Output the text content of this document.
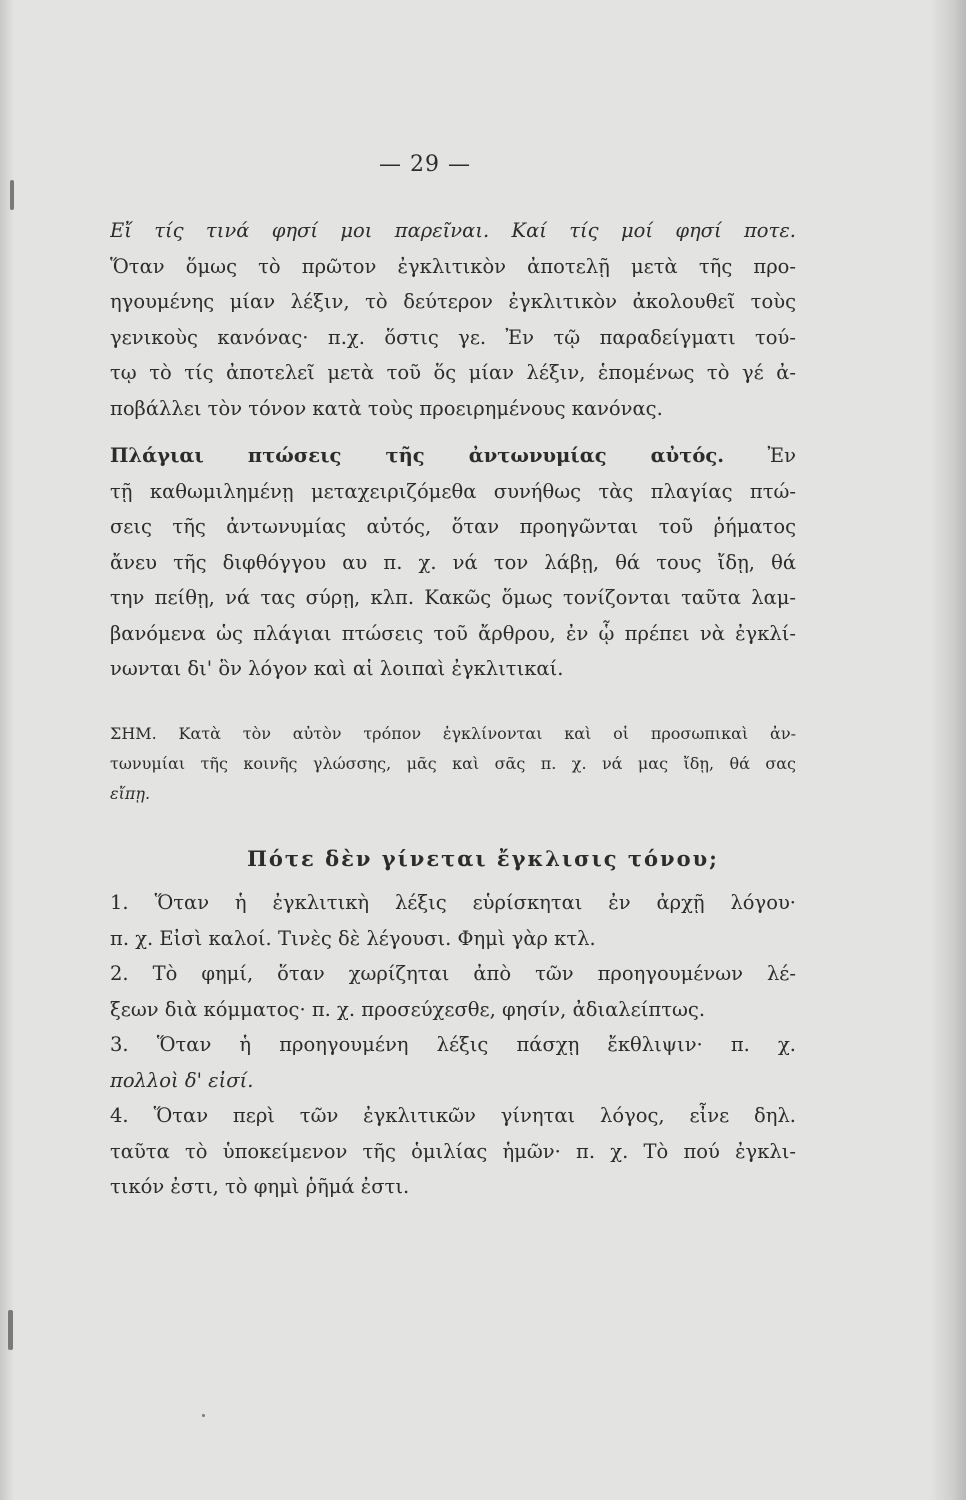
— 29 —
Εἴ τίς τινά φησί μοι παρεῖναι. Καί τίς μοί φησί ποτε.
Ὅταν ὅμως τὸ πρῶτον ἐγκλιτικὸν ἀποτελῇ μετὰ τῆς προ-
ηγουμένης μίαν λέξιν, τὸ δεύτερον ἐγκλιτικὸν ἀκολουθεῖ τοὺς
γενικοὺς κανόνας· π.χ. ὅστις γε. Ἐν τῷ παραδείγματι τού-
τῳ τὸ τίς ἀποτελεῖ μετὰ τοῦ ὅς μίαν λέξιν, ἑπομένως τὸ γέ ἀ-
ποβάλλει τὸν τόνον κατὰ τοὺς προειρημένους κανόνας.
Πλάγιαι πτώσεις τῆς ἀντωνυμίας αὐτός. Ἐν
τῇ καθωμιλημένῃ μεταχειριζόμεθα συνήθως τὰς πλαγίας πτώ-
σεις τῆς ἀντωνυμίας αὐτός, ὅταν προηγῶνται τοῦ ῥήματος
ἄνευ τῆς διφθόγγου αυ π. χ. νά τον λάβῃ, θά τους ἴδῃ, θά
την πείθῃ, νά τας σύρῃ, κλπ. Κακῶς ὅμως τονίζονται ταῦτα λαμ-
βανόμενα ὡς πλάγιαι πτώσεις τοῦ ἄρθρου, ἐν ᾧ πρέπει νὰ ἐγκλί-
νωνται δι' ὃν λόγον καὶ αἱ λοιπαὶ ἐγκλιτικαί.
ΣΗΜ. Κατὰ τὸν αὐτὸν τρόπον ἐγκλίνονται καὶ οἱ προσωπικαὶ ἀν-
τωνυμίαι τῆς κοινῆς γλώσσης, μᾶς καὶ σᾶς π. χ. νά μας ἴδῃ, θά σας
εἴπῃ.
Πότε δὲν γίνεται ἔγκλισις τόνου;
1. Ὅταν ἡ ἐγκλιτικὴ λέξις εὑρίσκηται ἐν ἀρχῇ λόγου·
π. χ. Εἰσὶ καλοί. Τινὲς δὲ λέγουσι. Φημὶ γὰρ κτλ.
2. Τὸ φημί, ὅταν χωρίζηται ἀπὸ τῶν προηγουμένων λέ-
ξεων διὰ κόμματος· π. χ. προσεύχεσθε, φησίν, ἀδιαλείπτως.
3. Ὅταν ἡ προηγουμένη λέξις πάσχῃ ἔκθλιψιν· π. χ.
πολλοὶ δ' εἰσί.
4. Ὅταν περὶ τῶν ἐγκλιτικῶν γίνηται λόγος, εἶνε δηλ.
ταῦτα τὸ ὑποκείμενον τῆς ὁμιλίας ἡμῶν· π. χ. Τὸ πού ἐγκλι-
τικόν ἐστι, τὸ φημὶ ῥῆμά ἐστι.
